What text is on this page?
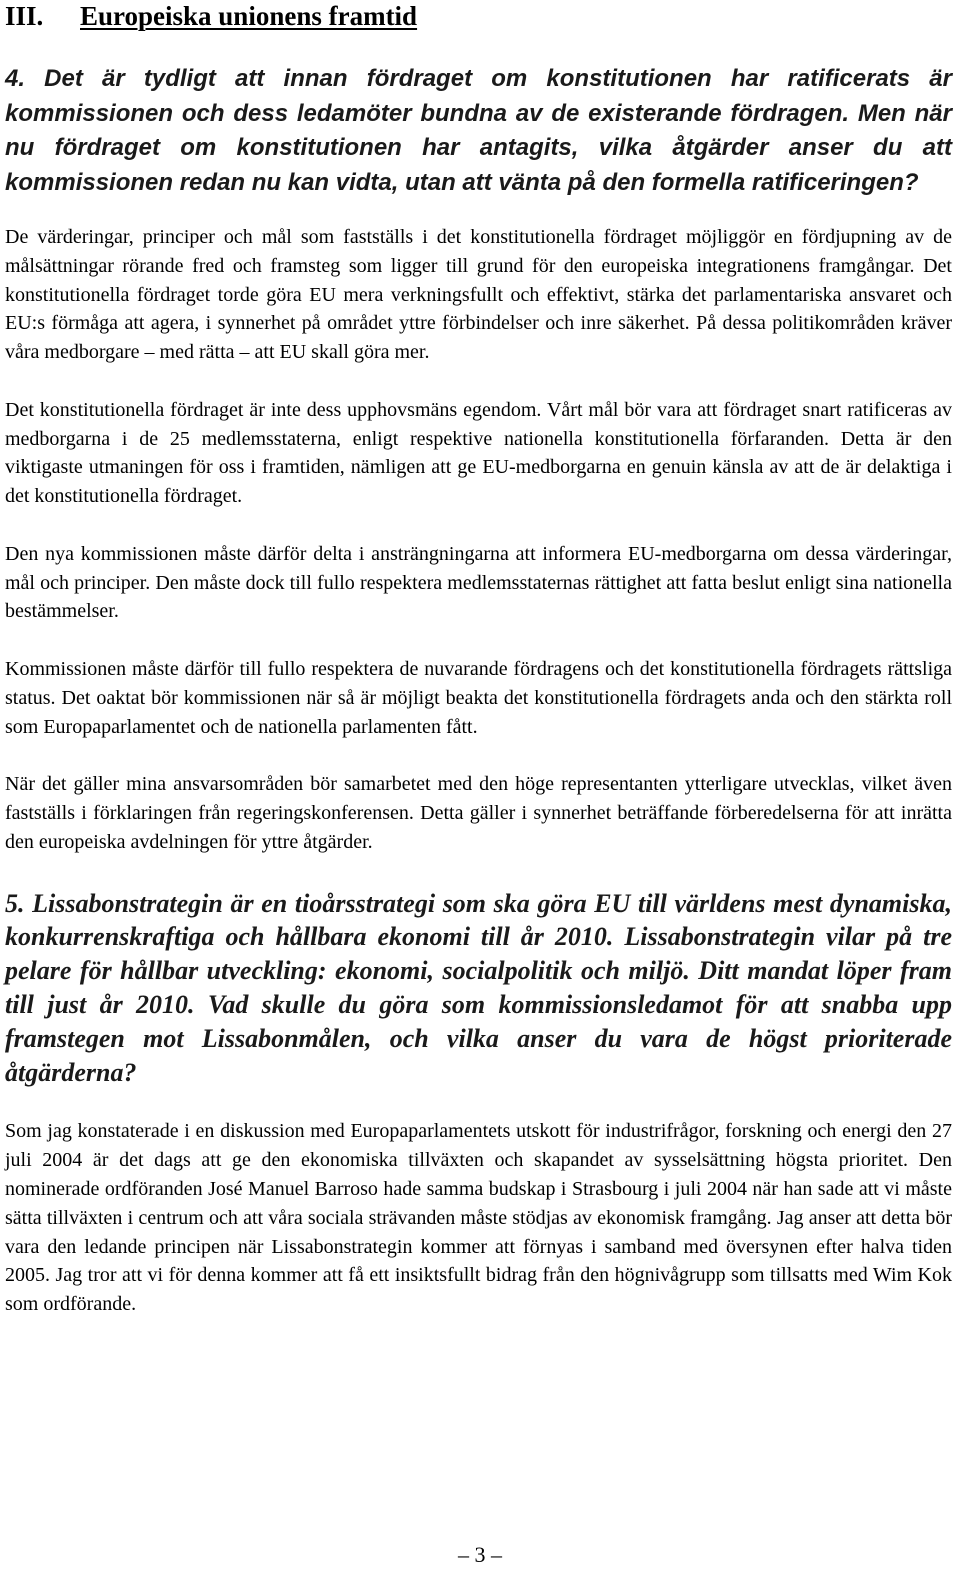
III. Europeiska unionens framtid

4. Det är tydligt att innan fördraget om konstitutionen har ratificerats är kommissionen och dess ledamöter bundna av de existerande fördragen. Men när nu fördraget om konstitutionen har antagits, vilka åtgärder anser du att kommissionen redan nu kan vidta, utan att vänta på den formella ratificeringen?

De värderingar, principer och mål som fastställs i det konstitutionella fördraget möjliggör en fördjupning av de målsättningar rörande fred och framsteg som ligger till grund för den europeiska integrationens framgångar. Det konstitutionella fördraget torde göra EU mera verkningsfullt och effektivt, stärka det parlamentariska ansvaret och EU:s förmåga att agera, i synnerhet på området yttre förbindelser och inre säkerhet. På dessa politikområden kräver våra medborgare – med rätta – att EU skall göra mer.

Det konstitutionella fördraget är inte dess upphovsmäns egendom. Vårt mål bör vara att fördraget snart ratificeras av medborgarna i de 25 medlemsstaterna, enligt respektive nationella konstitutionella förfaranden. Detta är den viktigaste utmaningen för oss i framtiden, nämligen att ge EU-medborgarna en genuin känsla av att de är delaktiga i det konstitutionella fördraget.

Den nya kommissionen måste därför delta i ansträngningarna att informera EU-medborgarna om dessa värderingar, mål och principer. Den måste dock till fullo respektera medlemsstaternas rättighet att fatta beslut enligt sina nationella bestämmelser.

Kommissionen måste därför till fullo respektera de nuvarande fördragens och det konstitutionella fördragets rättsliga status. Det oaktat bör kommissionen när så är möjligt beakta det konstitutionella fördragets anda och den stärkta roll som Europaparlamentet och de nationella parlamenten fått.

När det gäller mina ansvarsområden bör samarbetet med den höge representanten ytterligare utvecklas, vilket även fastställs i förklaringen från regeringskonferensen. Detta gäller i synnerhet beträffande förberedelserna för att inrätta den europeiska avdelningen för yttre åtgärder.

5. Lissabonstrategin är en tioårsstrategi som ska göra EU till världens mest dynamiska, konkurrenskraftiga och hållbara ekonomi till år 2010. Lissabonstrategin vilar på tre pelare för hållbar utveckling: ekonomi, socialpolitik och miljö. Ditt mandat löper fram till just år 2010. Vad skulle du göra som kommissionsledamot för att snabba upp framstegen mot Lissabonmålen, och vilka anser du vara de högst prioriterade åtgärderna?

Som jag konstaterade i en diskussion med Europaparlamentets utskott för industrifrågor, forskning och energi den 27 juli 2004 är det dags att ge den ekonomiska tillväxten och skapandet av sysselsättning högsta prioritet. Den nominerade ordföranden José Manuel Barroso hade samma budskap i Strasbourg i juli 2004 när han sade att vi måste sätta tillväxten i centrum och att våra sociala strävanden måste stödjas av ekonomisk framgång. Jag anser att detta bör vara den ledande principen när Lissabonstrategin kommer att förnyas i samband med översynen efter halva tiden 2005. Jag tror att vi för denna kommer att få ett insiktsfullt bidrag från den högnivågrupp som tillsatts med Wim Kok som ordförande.

– 3 –
